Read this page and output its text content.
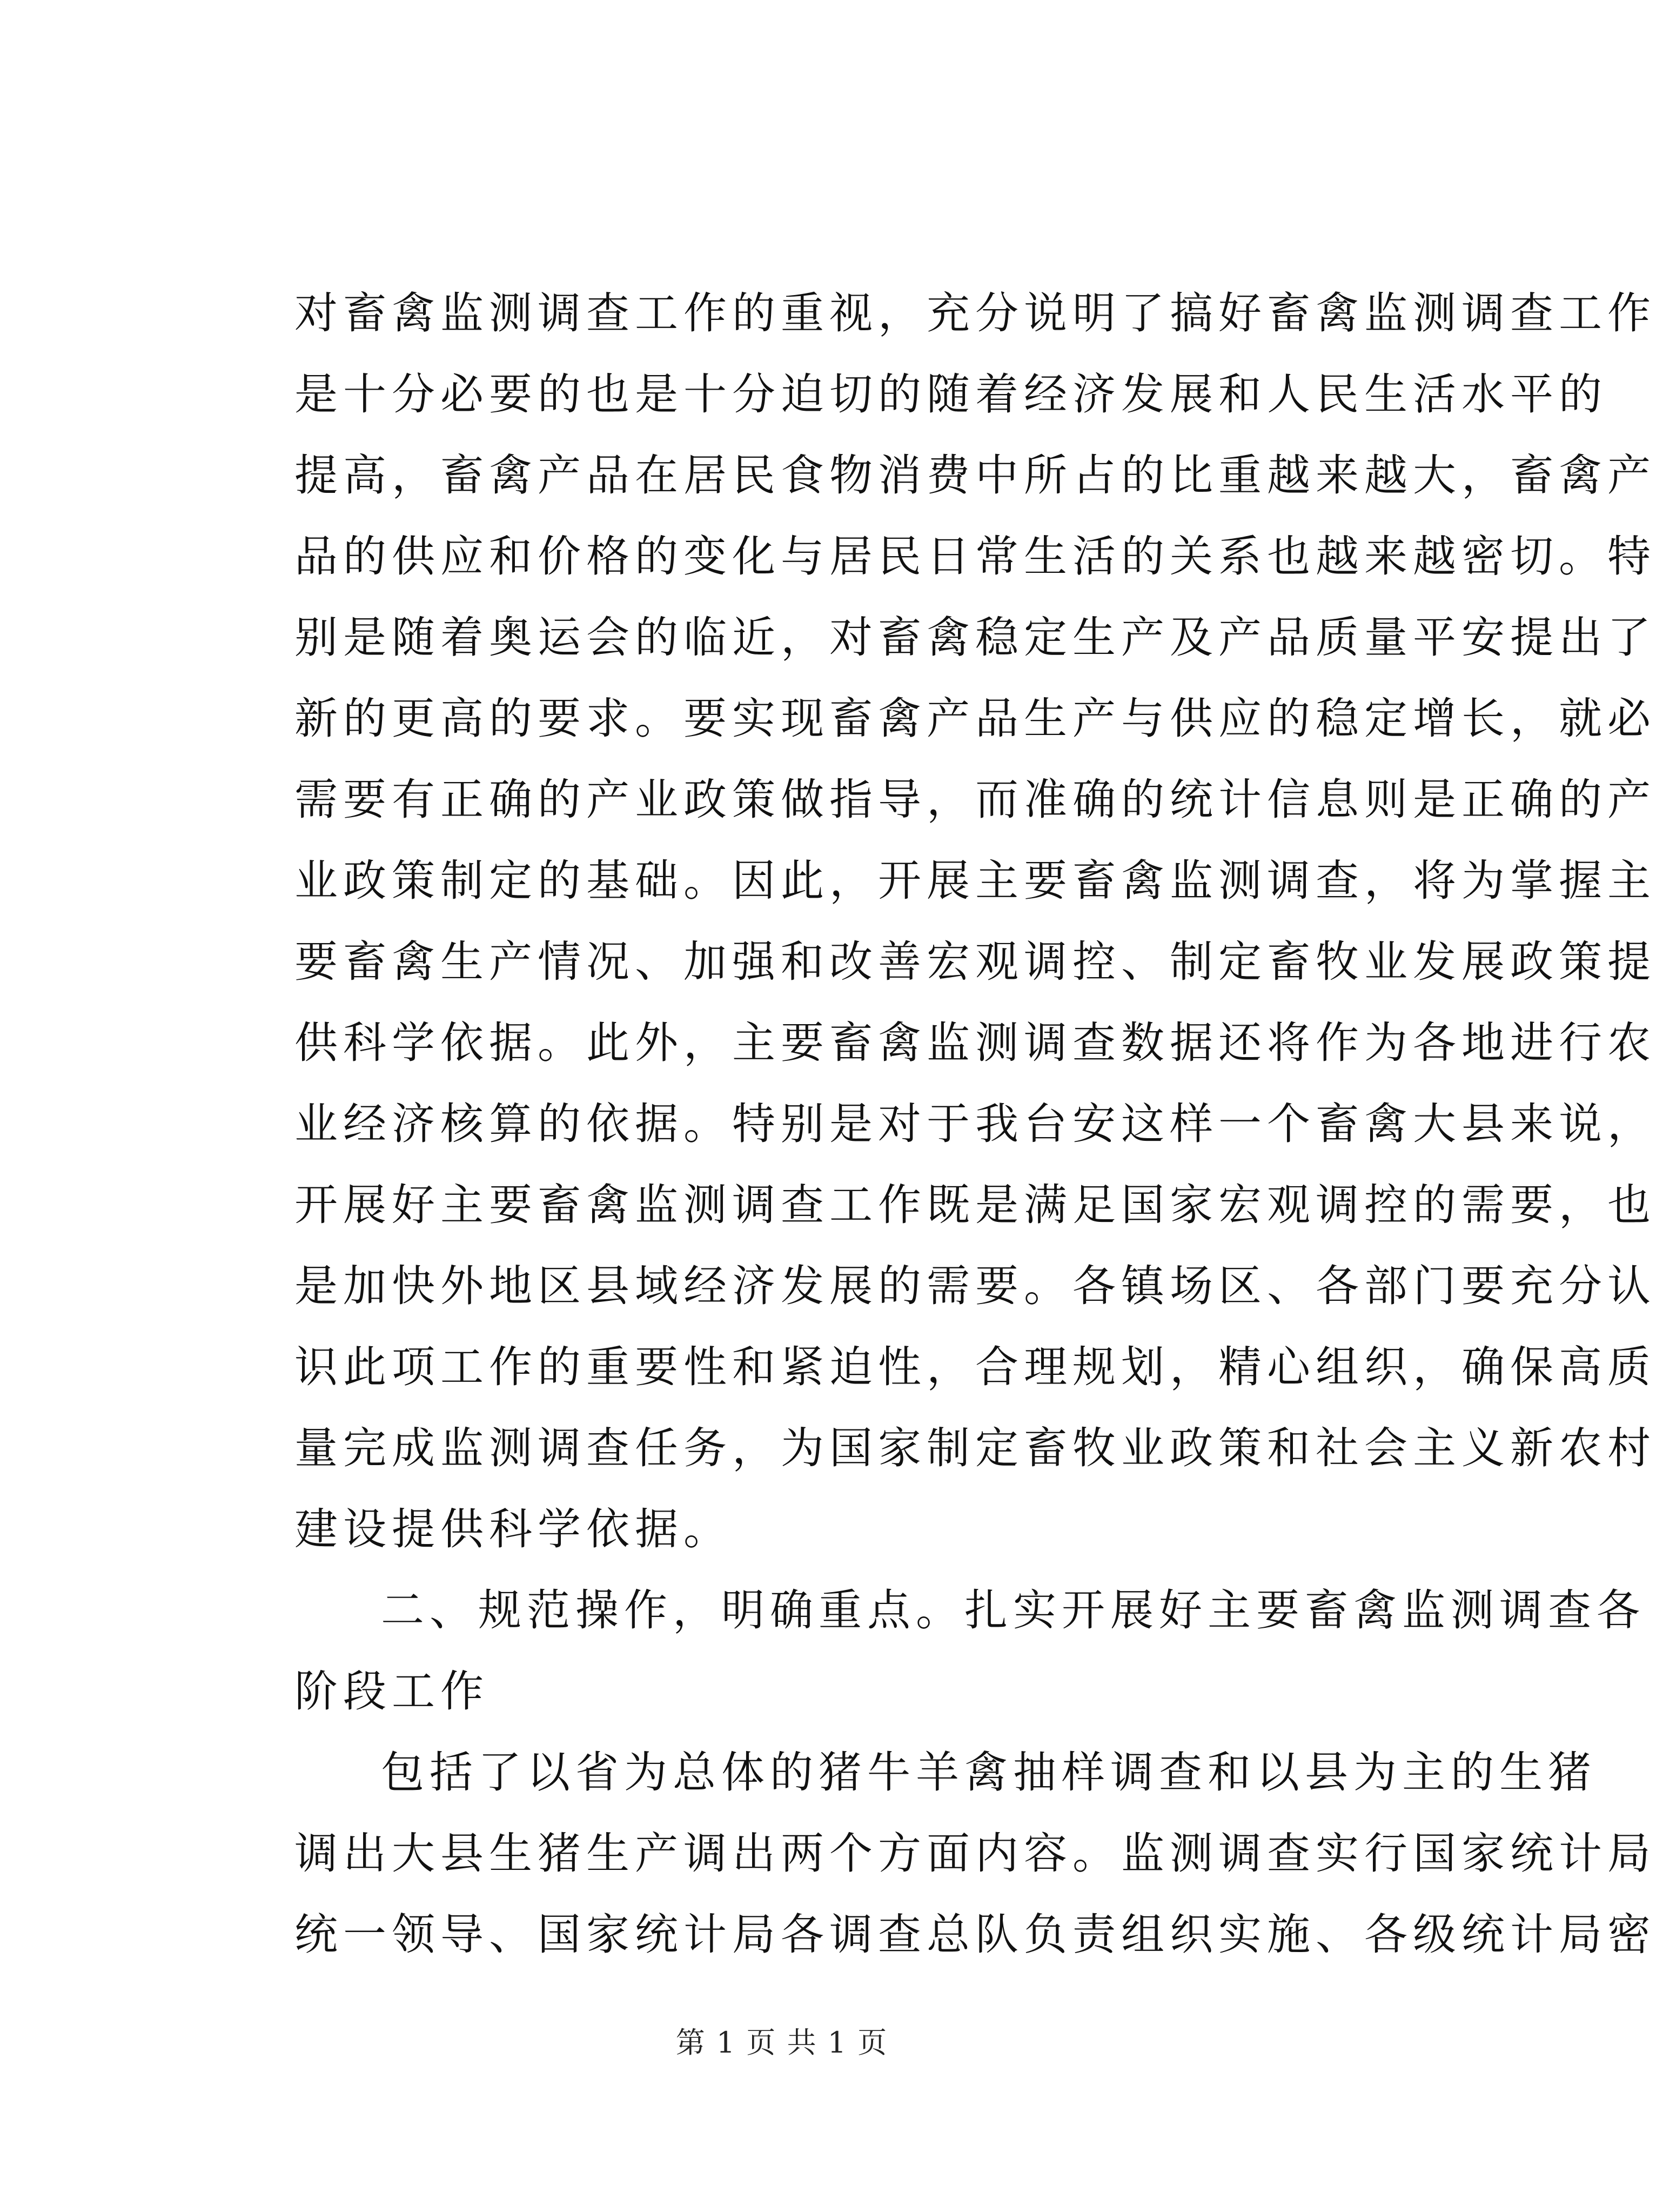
对畜禽监测调查工作的重视，充分说明了搞好畜禽监测调查工作
是十分必要的也是十分迫切的随着经济发展和人民生活水平的
提高，畜禽产品在居民食物消费中所占的比重越来越大，畜禽产
品的供应和价格的变化与居民日常生活的关系也越来越密切。特
别是随着奥运会的临近，对畜禽稳定生产及产品质量平安提出了
新的更高的要求。要实现畜禽产品生产与供应的稳定增长，就必
需要有正确的产业政策做指导，而准确的统计信息则是正确的产
业政策制定的基础。因此，开展主要畜禽监测调查，将为掌握主
要畜禽生产情况、加强和改善宏观调控、制定畜牧业发展政策提
供科学依据。此外，主要畜禽监测调查数据还将作为各地进行农
业经济核算的依据。特别是对于我台安这样一个畜禽大县来说，
开展好主要畜禽监测调查工作既是满足国家宏观调控的需要，也
是加快外地区县域经济发展的需要。各镇场区、各部门要充分认
识此项工作的重要性和紧迫性，合理规划，精心组织，确保高质
量完成监测调查任务，为国家制定畜牧业政策和社会主义新农村
建设提供科学依据。
二、规范操作，明确重点。扎实开展好主要畜禽监测调查各
阶段工作
包括了以省为总体的猪牛羊禽抽样调查和以县为主的生猪
调出大县生猪生产调出两个方面内容。监测调查实行国家统计局
统一领导、国家统计局各调查总队负责组织实施、各级统计局密
第 1 页 共 1 页
